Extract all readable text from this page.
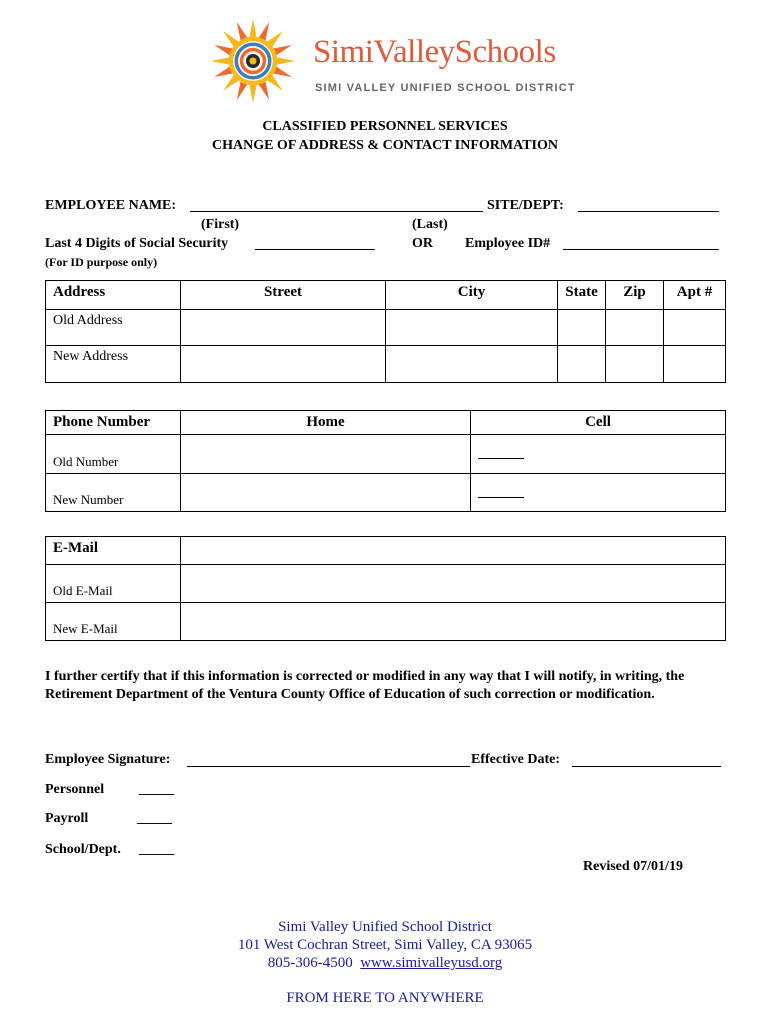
SimiValleySchools
SIMI VALLEY UNIFIED SCHOOL DISTRICT
CLASSIFIED PERSONNEL SERVICES
CHANGE OF ADDRESS & CONTACT INFORMATION
EMPLOYEE NAME:	SITE/DEPT:
(First)	(Last)
Last 4 Digits of Social Security	OR Employee ID#
(For ID purpose only)
Address	Street	City	State	Zip	Apt #
Old Address					
New Address					
Phone Number	Home	Cell
Old Number		
New Number		
E-Mail	
Old E-Mail	
New E-Mail	
I further certify that if this information is corrected or modified in any way that I will notify, in writing, the Retirement Department of the Ventura County Office of Education of such correction or modification.
Employee Signature:	Effective Date:
Personnel _____
Payroll	_____
School/Dept. _____
Revised 07/01/19
Simi Valley Unified School District
101 West Cochran Street, Simi Valley, CA 93065
805-306-4500 www.simivalleyusd.org
FROM HERE TO ANYWHERE
